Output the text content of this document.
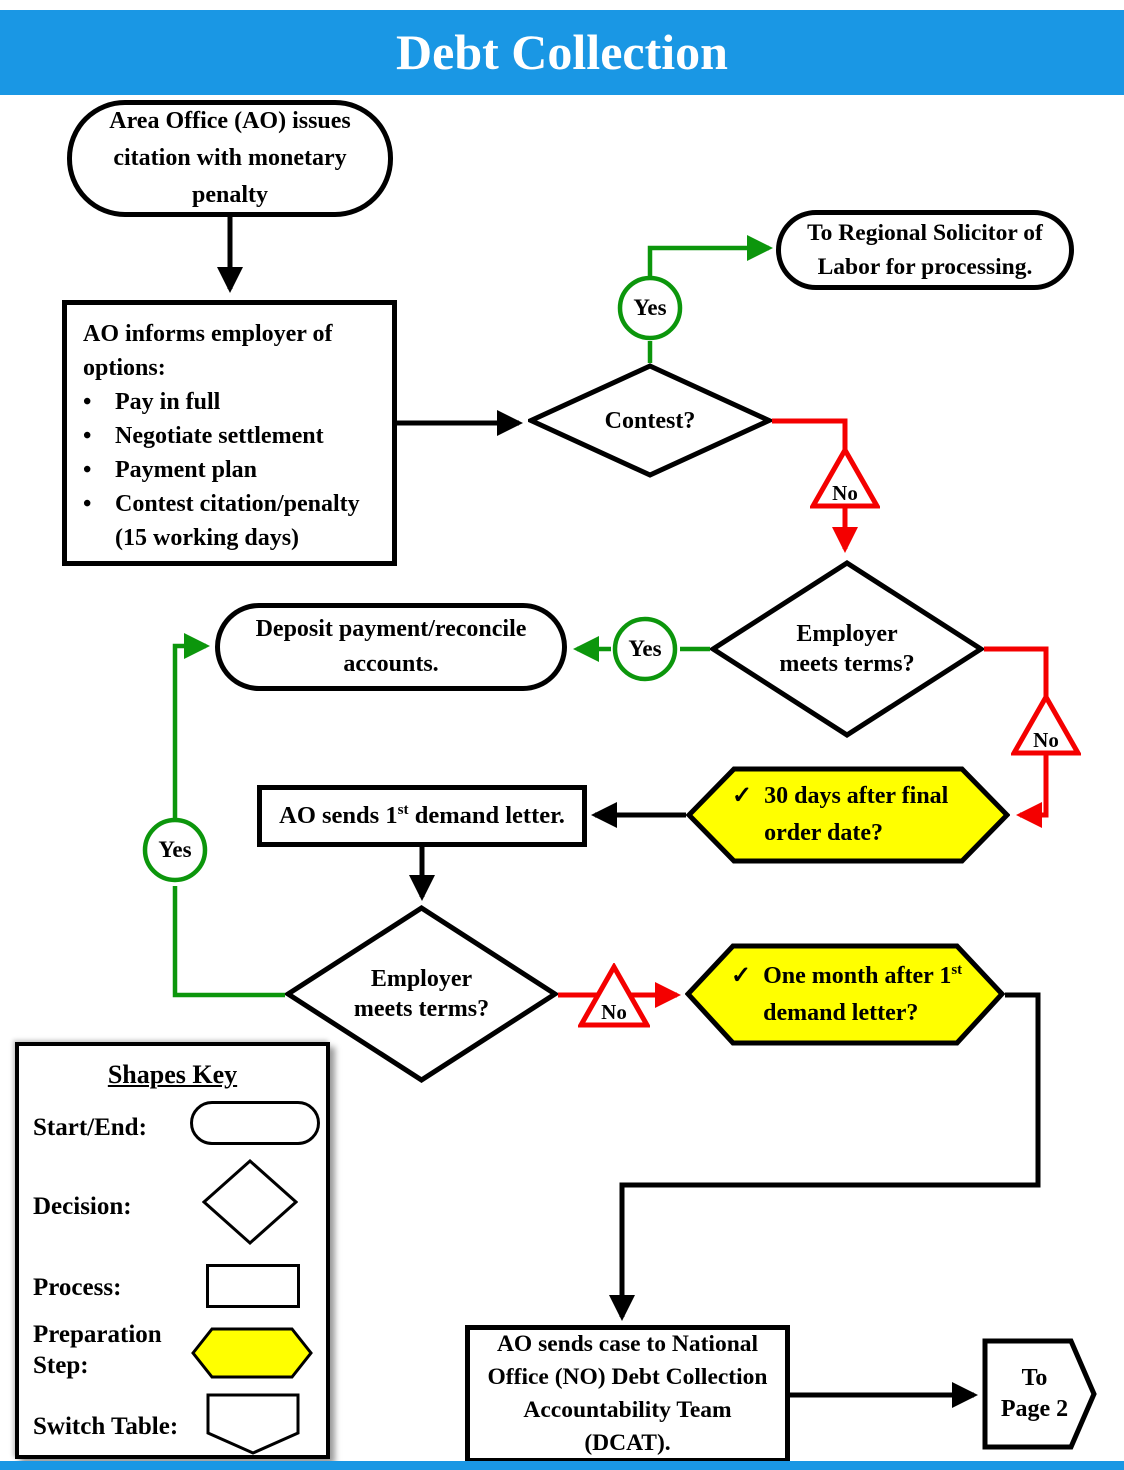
Debt Collection
Area Office (AO) issues citation with monetary penalty
AO informs employer of options:
• Pay in full
• Negotiate settlement
• Payment plan
• Contest citation/penalty (15 working days)
Contest?
To Regional Solicitor of Labor for processing.
Employer meets terms?
Deposit payment/reconcile accounts.
✓ 30 days after final order date?
AO sends 1st demand letter.
Employer meets terms?
✓ One month after 1st demand letter?
AO sends case to National Office (NO) Debt Collection Accountability Team (DCAT).
To Page 2
Yes
Yes
Yes
No
No
No
Shapes Key
Start/End:
Decision:
Process:
Preparation Step:
Switch Table:
